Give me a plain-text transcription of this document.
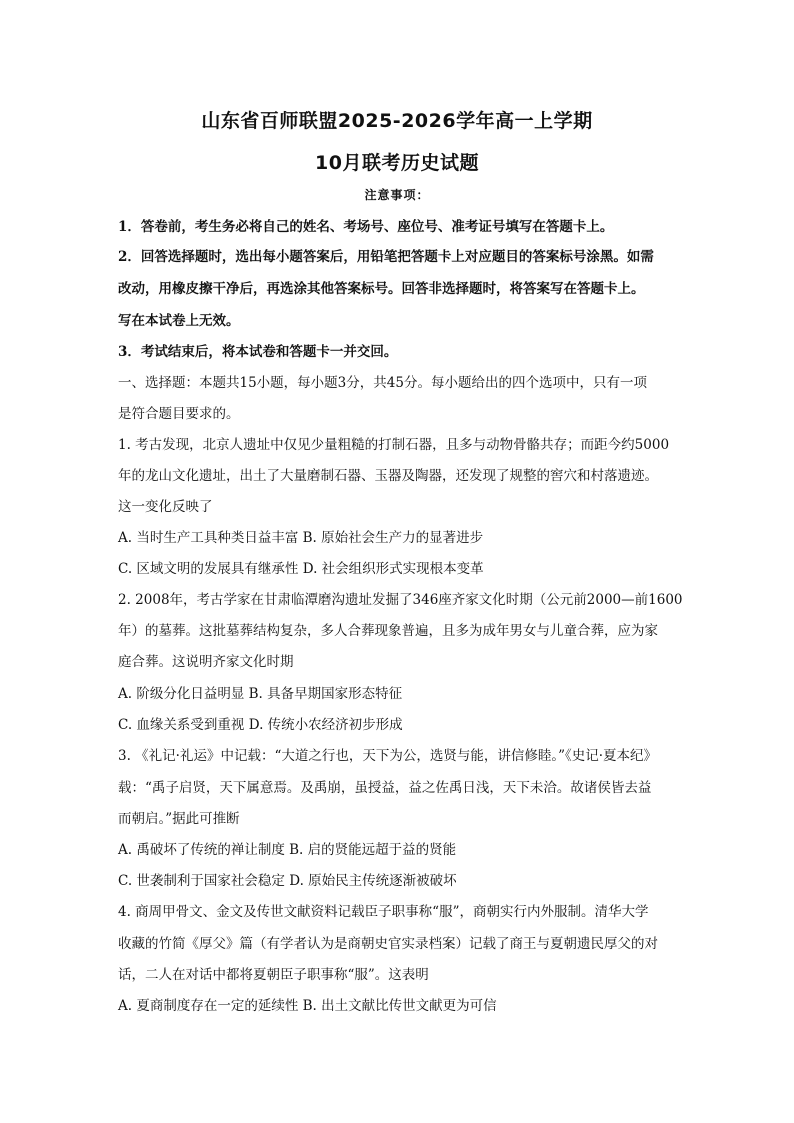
山东省百师联盟2025-2026学年高一上学期
10月联考历史试题
注意事项：
1．答卷前，考生务必将自己的姓名、考场号、座位号、准考证号填写在答题卡上。
2．回答选择题时，选出每小题答案后，用铅笔把答题卡上对应题目的答案标号涂黑。如需
改动，用橡皮擦干净后，再选涂其他答案标号。回答非选择题时，将答案写在答题卡上。
写在本试卷上无效。
3．考试结束后，将本试卷和答题卡一并交回。
一、选择题：本题共15小题，每小题3分，共45分。每小题给出的四个选项中，只有一项
是符合题目要求的。
1. 考古发现，北京人遗址中仅见少量粗糙的打制石器，且多与动物骨骼共存；而距今约5000
年的龙山文化遗址，出土了大量磨制石器、玉器及陶器，还发现了规整的窖穴和村落遗迹。
这一变化反映了
A. 当时生产工具种类日益丰富 B. 原始社会生产力的显著进步
C. 区域文明的发展具有继承性 D. 社会组织形式实现根本变革
2. 2008年，考古学家在甘肃临潭磨沟遗址发掘了346座齐家文化时期（公元前2000—前1600
年）的墓葬。这批墓葬结构复杂，多人合葬现象普遍，且多为成年男女与儿童合葬，应为家
庭合葬。这说明齐家文化时期
A. 阶级分化日益明显 B. 具备早期国家形态特征
C. 血缘关系受到重视 D. 传统小农经济初步形成
3. 《礼记·礼运》中记载：“大道之行也，天下为公，选贤与能，讲信修睦。”《史记·夏本纪》
载：“禹子启贤，天下属意焉。及禹崩，虽授益，益之佐禹日浅，天下未洽。故诸侯皆去益
而朝启。”据此可推断
A. 禹破坏了传统的禅让制度 B. 启的贤能远超于益的贤能
C. 世袭制利于国家社会稳定 D. 原始民主传统逐渐被破坏
4. 商周甲骨文、金文及传世文献资料记载臣子职事称“服”，商朝实行内外服制。清华大学
收藏的竹简《厚父》篇（有学者认为是商朝史官实录档案）记载了商王与夏朝遗民厚父的对
话，二人在对话中都将夏朝臣子职事称“服”。这表明
A. 夏商制度存在一定的延续性 B. 出土文献比传世文献更为可信
